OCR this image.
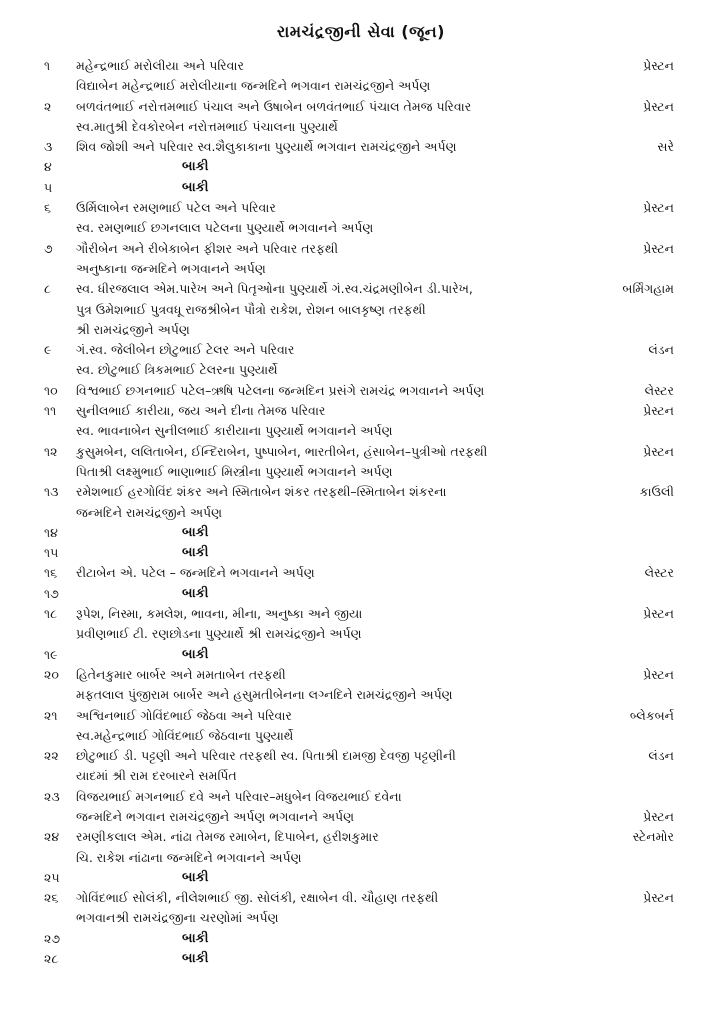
રામચંદ્રજીની સેવા (જૂન)
૧ મહેન્દ્રભાઈ મરોલીયા અને પરિવાર	પ્રેસ્ટન
વિદ્યાબેન મહેન્દ્રભાઈ મરોલીયાના જન્મદિને ભગવાન રામચંદ્રજીને અર્પણ
૨ બળવંતભાઈ નરોત્તમભાઈ પંચાલ અને ઉષાબેન બળવંતભાઈ પંચાલ તેમજ પરિવાર	પ્રેસ્ટન
સ્વ.માતુશ્રી દેવકોરબેન નરોત્તમભાઈ પંચાલના પુણ્યાર્થે
૩ શિવ જોશી અને પરિવાર સ્વ.શૈલુકાકાના પુણ્યાર્થે ભગવાન રામચંદ્રજીને અર્પણ	સરે
૪	બાકી
૫	બાકી
૬ ઉર્મિલાબેન રમણભાઈ પટેલ અને પરિવાર	પ્રેસ્ટન
સ્વ. રમણભાઈ છગનલાલ પટેલના પુણ્યાર્થે ભગવાનને અર્પણ
૭ ગૌરીબેન અને રીબેકાબેન ફીશર અને પરિવાર તરફથી	પ્રેસ્ટન
અનુષ્કાના જન્મદિને ભગવાનને અર્પણ
૮ સ્વ. ધીરજલાલ એમ.પારેખ અને પિતૃઓના પુણ્યાર્થે ગં.સ્વ.ચંદ્રમણીબેન ડી.પારેખ,	બર્મિંગહામ
પુત્ર ઉમેશભાઈ પુત્રવધૂ રાજશ્રીબેન પૌત્રો રાકેશ, રોશન બાલકૃષ્ણ તરફથી
શ્રી રામચંદ્રજીને અર્પણ
૯ ગં.સ્વ. જેલીબેન છોટુભાઈ ટેલર અને પરિવાર	લંડન
સ્વ. છોટુભાઈ ત્રિકમભાઈ ટેલરના પુણ્યાર્થે
૧૦ વિશ્વભાઈ છગનભાઈ પટેલ–ઋષિ પટેલના જન્મદિન પ્રસંગે રામચંદ્ર ભગવાનને અર્પણ	લેસ્ટર
૧૧ સુનીલભાઈ કારીયા, જય અને દીના તેમજ પરિવાર	પ્રેસ્ટન
સ્વ. ભાવનાબેન સુનીલભાઈ કારીયાના પુણ્યાર્થે ભગવાનને અર્પણ
૧૨ કુસુમબેન, લલિતાબેન, ઈન્દિરાબેન, પુષ્પાબેન, ભારતીબેન, હંસાબેન–પુત્રીઓ તરફથી	પ્રેસ્ટન
પિતાશ્રી લક્ષ્મુભાઈ ભાણાભાઈ મિસ્ત્રીના પુણ્યાર્થે ભગવાનને અર્પણ
૧૩ રમેશભાઈ હરગોવિંદ શંકર અને સ્મિતાબેન શંકર તરફથી–સ્મિતાબેન શંકરના	કાઉલી
જન્મદિને રામચંદ્રજીને અર્પણ
૧૪	બાકી
૧૫	બાકી
૧૬ રીટાબેન એ. પટેલ – જન્મદિને ભગવાનને અર્પણ	લેસ્ટર
૧૭	બાકી
૧૮ રૂપેશ, નિસ્મા, કમલેશ, ભાવના, મીના, અનુષ્કા અને જીયા	પ્રેસ્ટન
પ્રવીણભાઈ ટી. રણછોડના પુણ્યાર્થે શ્રી રામચંદ્રજીને અર્પણ
૧૯	બાકી
૨૦ હિતેનકુમાર બાર્બર અને મમતાબેન તરફથી	પ્રેસ્ટન
મફતલાલ પુંજીરામ બાર્બર અને હસુમતીબેનના લગ્નદિને રામચંદ્રજીને અર્પણ
૨૧ અશ્વિનભાઈ ગોવિંદભાઈ જેઠવા અને પરિવાર	બ્લેકબર્ન
સ્વ.મહેન્દ્રભાઈ ગોવિંદભાઈ જેઠવાના પુણ્યાર્થે
૨૨ છોટુભાઈ ડી. પટ્ટણી અને પરિવાર તરફથી સ્વ. પિતાશ્રી દામજી દેવજી પટ્ટણીની	લંડન
યાદમાં શ્રી રામ દરબારને સમર્પિત
૨૩ વિજયભાઈ મગનભાઈ દવે અને પરિવાર–મધુબેન વિજયભાઈ દવેના
જન્મદિને ભગવાન રામચંદ્રજીને અર્પણ ભગવાનને અર્પણ	પ્રેસ્ટન
૨૪ રમણીકલાલ એમ. નાંઢા તેમજ રમાબેન, દિપાબેન, હરીશકુમાર	સ્ટેનમોર
ચિ. રાકેશ નાંઢાના જન્મદિને ભગવાનને અર્પણ
૨૫	બાકી
૨૬ ગોવિંદભાઈ સોલંકી, નીલેશભાઈ જી. સોલંકી, રક્ષાબેન વી. ચૌહાણ તરફથી	પ્રેસ્ટન
ભગવાનશ્રી રામચંદ્રજીના ચરણોમાં અર્પણ
૨૭	બાકી
૨૮	બાકી
